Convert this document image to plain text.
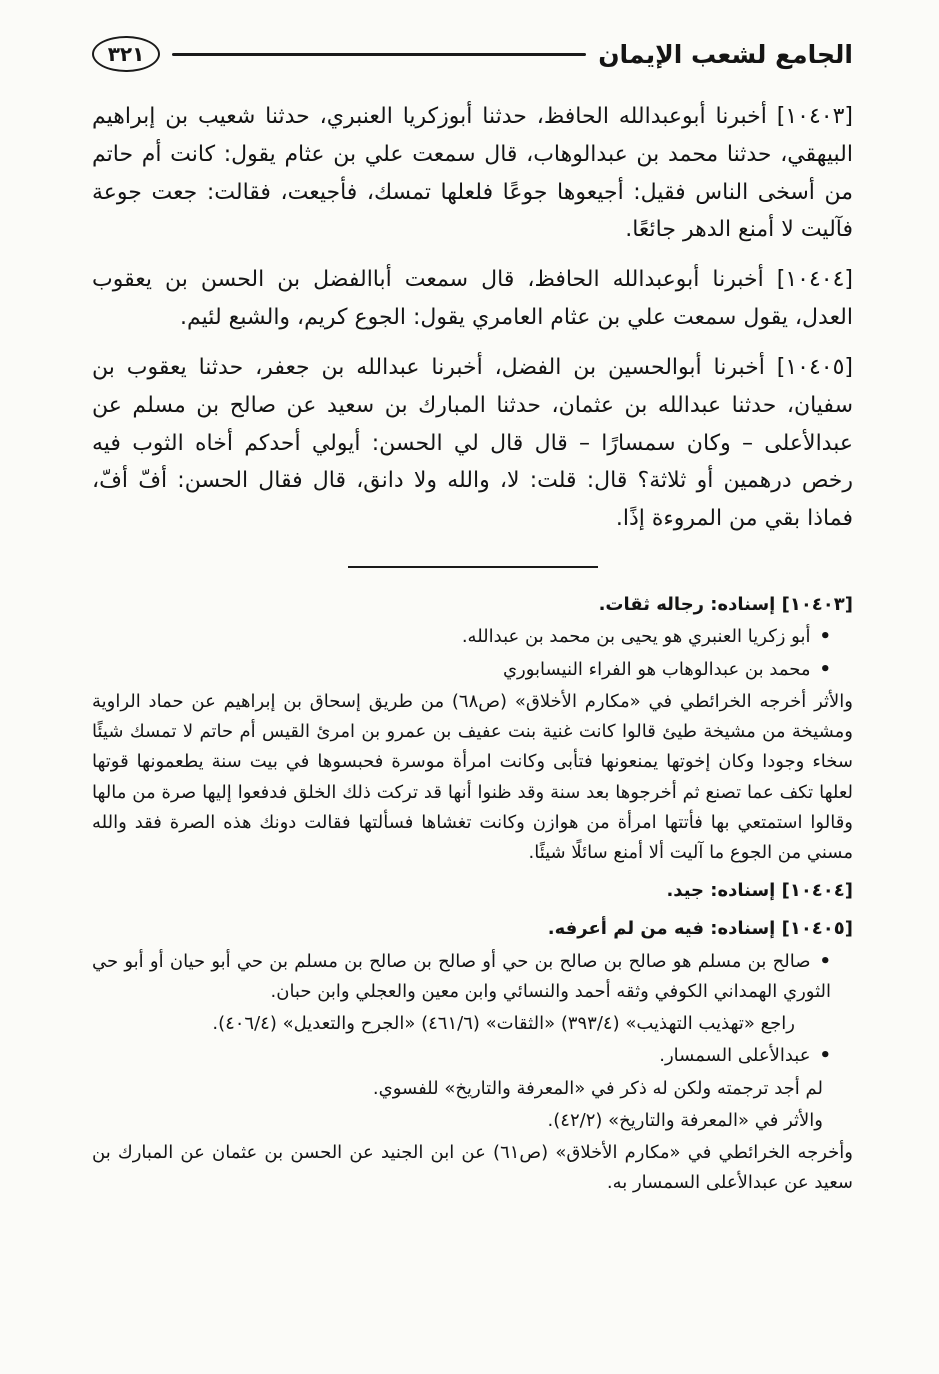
الجامع لشعب الإيمان
٣٢١

[١٠٤٠٣] أخبرنا أبوعبدالله الحافظ، حدثنا أبوزكريا العنبري، حدثنا شعيب بن إبراهيم البيهقي، حدثنا محمد بن عبدالوهاب، قال سمعت علي بن عثام يقول: كانت أم حاتم من أسخى الناس فقيل: أجيعوها جوعًا فلعلها تمسك، فأجيعت، فقالت: جعت جوعة فآليت لا أمنع الدهر جائعًا.

[١٠٤٠٤] أخبرنا أبوعبدالله الحافظ، قال سمعت أباالفضل بن الحسن بن يعقوب العدل، يقول سمعت علي بن عثام العامري يقول: الجوع كريم، والشبع لئيم.

[١٠٤٠٥] أخبرنا أبوالحسين بن الفضل، أخبرنا عبدالله بن جعفر، حدثنا يعقوب بن سفيان، حدثنا عبدالله بن عثمان، حدثنا المبارك بن سعيد عن صالح بن مسلم عن عبدالأعلى – وكان سمسارًا – قال قال لي الحسن: أيولي أحدكم أخاه الثوب فيه رخص درهمين أو ثلاثة؟ قال: قلت: لا، والله ولا دانق، قال فقال الحسن: أفّ أفّ، فماذا بقي من المروءة إذًا.

[١٠٤٠٣] إسناده: رجاله ثقات.

•أبو زكريا العنبري هو يحيى بن محمد بن عبدالله.

•محمد بن عبدالوهاب هو الفراء النيسابوري

والأثر أخرجه الخرائطي في «مكارم الأخلاق» (ص٦٨) من طريق إسحاق بن إبراهيم عن حماد الراوية ومشيخة من مشيخة طيئ قالوا كانت غنية بنت عفيف بن عمرو بن امرئ القيس أم حاتم لا تمسك شيئًا سخاء وجودا وكان إخوتها يمنعونها فتأبى وكانت امرأة موسرة فحبسوها في بيت سنة يطعمونها قوتها لعلها تكف عما تصنع ثم أخرجوها بعد سنة وقد ظنوا أنها قد تركت ذلك الخلق فدفعوا إليها صرة من مالها وقالوا استمتعي بها فأتتها امرأة من هوازن وكانت تغشاها فسألتها فقالت دونك هذه الصرة فقد والله مسني من الجوع ما آليت ألا أمنع سائلًا شيئًا.

[١٠٤٠٤] إسناده: جيد.

[١٠٤٠٥] إسناده: فيه من لم أعرفه.

•صالح بن مسلم هو صالح بن صالح بن حي أو صالح بن صالح بن مسلم بن حي أبو حيان أو أبو حي الثوري الهمداني الكوفي وثقه أحمد والنسائي وابن معين والعجلي وابن حبان.

راجع «تهذيب التهذيب» (٣٩٣/٤) «الثقات» (٤٦١/٦) «الجرح والتعديل» (٤٠٦/٤).

•عبدالأعلى السمسار.

لم أجد ترجمته ولكن له ذكر في «المعرفة والتاريخ» للفسوي.

والأثر في «المعرفة والتاريخ» (٤٢/٢).

وأخرجه الخرائطي في «مكارم الأخلاق» (ص٦١) عن ابن الجنيد عن الحسن بن عثمان عن المبارك بن سعيد عن عبدالأعلى السمسار به.
